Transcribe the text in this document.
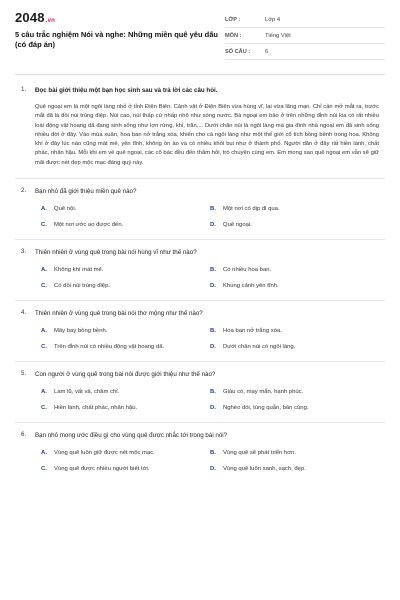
2048.vn
5 câu trắc nghiệm Nói và nghe: Những miền quê yêu dấu (có đáp án)
LỚP :	Lớp 4
MÔN :	Tiếng Việt
SỐ CÂU :	6
1.	Đọc bài giới thiệu một bạn học sinh sau và trả lời các câu hỏi.
Quê ngoại em là một ngôi làng nhỏ ở tỉnh Điện Biên. Cảnh vật ở Điện Biên vừa hùng vĩ, lại vừa lãng mạn. Chỉ cần mở mắt ra, trước mắt đã là đồi núi trùng điệp. Núi cao, núi thấp cứ nhấp nhô như sóng nước. Bà ngoại em bảo ở trên những đỉnh núi kia có rất nhiều loài động vật hoang dã đang sinh sống như lợn rừng, khỉ, trăn,... Dưới chân núi là ngôi làng mà gia đình nhà ngoại em đã sinh sống nhiều đời ở đây. Vào mùa xuân, hoa ban nở trắng xóa, khiến cho cả ngôi làng như một thế giới cổ tích bồng bềnh trong hoa. Không khí ở đây lúc nào cũng mát mẻ, yên tĩnh, không ồn ào và có nhiều khói bụi như ở thành phố. Người dân ở đây rất hiền lành, chất phác, nhân hậu. Mỗi khi em về quê ngoại, các cô bác đều đến thăm hỏi, trò chuyện cùng em. Em mong sao quê ngoại em vẫn sẽ giữ mãi được nét đẹp mộc mạc đáng quý này.
2.	Bạn nhỏ đã giới thiệu miền quê nào?
A.	Quê nội.	B.	Một nơi có dịp đi qua.
C.	Một nơi ước ao được đến.	D.	Quê ngoại.
3.	Thiên nhiên ở vùng quê trong bài nói hùng vĩ như thế nào?
A.	Không khí mát mẻ.	B.	Có nhiều hoa ban.
C.	Có đồi núi trùng điệp.	D.	Khung cảnh yên tĩnh.
4.	Thiên nhiên ở vùng quê trong bài nói thơ mộng như thế nào?
A.	Mây bay bồng bềnh.	B.	Hoa ban nở trắng xóa.
C.	Trên đỉnh núi có nhiều động vật hoang dã.	D.	Dưới chân núi có ngôi làng.
5.	Con người ở vùng quê trong bài nói được giới thiệu như thế nào?
A.	Lam lũ, vất vả, chăm chỉ.	B.	Giàu có, may mắn, hạnh phúc.
C.	Hiền lành, chất phác, nhân hậu.	D.	Nghèo đói, túng quẫn, bần cùng.
6.	Bạn nhỏ mong ước điều gì cho vùng quê được nhắc tới trong bài nói?
A.	Vùng quê luôn giữ được nét mộc mạc.	B.	Vùng quê sẽ phát triển hơn.
C.	Vùng quê được nhiều người biết tới.	D.	Vùng quê luôn xanh, sạch, đẹp.
